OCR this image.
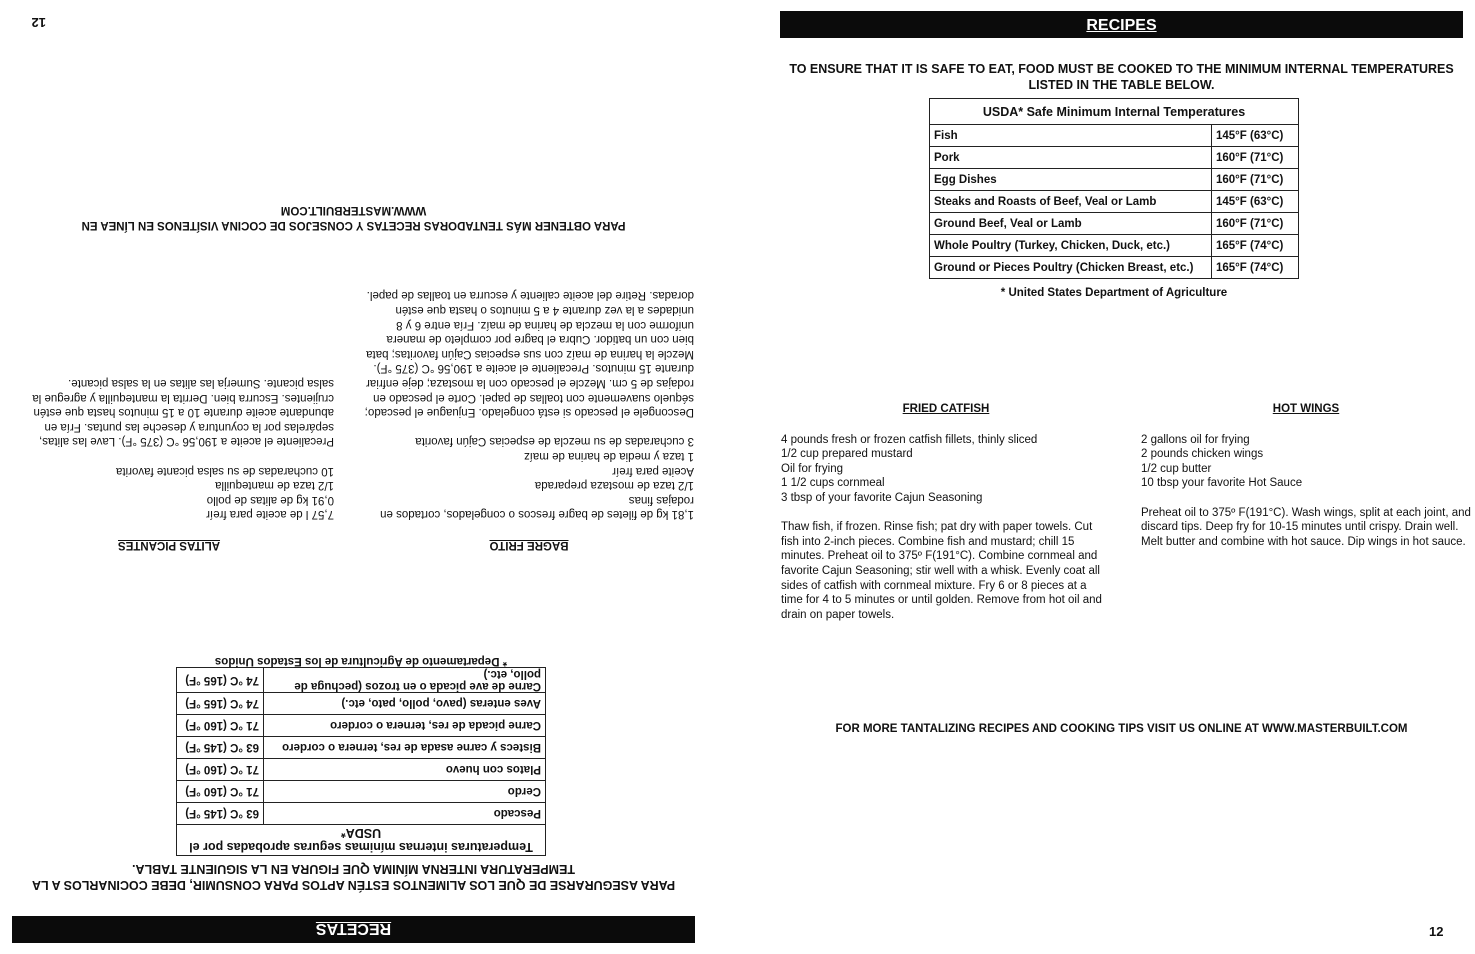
RECETAS
PARA ASEGURARSE DE QUE LOS ALIMENTOS ESTÉN APTOS PARA CONSUMIR, DEBE COCINARLOS A LA TEMPERATURA INTERNA MÍNIMA QUE FIGURA EN LA SIGUIENTE TABLA.
Temperaturas internas mínimas seguras aprobadas por el USDA*	
Pescado	63 °C (145 °F)
Cerdo	71 °C (160 °F)
Platos con huevo	71 °C (160 °F)
Bistecs y carne asada de res, ternera o cordero	63 °C (145 °F)
Carne picada de res, ternera o cordero	71 °C (160 °F)
Aves enteras (pavo, pollo, pato, etc.)	74 °C (165 °F)
Carne de ave picada o en trozos (pechuga de pollo, etc.)	74 °C (165 °F)
* Departamento de Agricultura de los Estados Unidos
BAGRE FRITO
1,81 kg de filetes de bagre frescos o congelados, cortados en rodajas finas
1/2 taza de mostaza preparada
Aceite para freír
1 taza y media de harina de maíz
3 cucharadas de su mezcla de especias Cajún favorita
Descongele el pescado si está congelado. Enjuague el pescado; séquelo suavemente con toallas de papel. Corte el pescado en rodajas de 5 cm. Mezcle el pescado con la mostaza; deje enfriar durante 15 minutos. Precaliente el aceite a 190,56 °C (375 °F). Mezcle la harina de maíz con sus especias Cajún favoritas; bata bien con un batidor. Cubra el bagre por completo de manera uniforme con la mezcla de harina de maíz. Fría entre 6 y 8 unidades a la vez durante 4 a 5 minutos o hasta que estén doradas. Retire del aceite caliente y escurra en toallas de papel.
ALITAS PICANTES
7,57 l de aceite para freír
0,91 kg de alitas de pollo
1/2 taza de mantequilla
10 cucharadas de su salsa picante favorita
Precaliente el aceite a 190,56 °C (375 °F). Lave las alitas, sepárelas por la coyuntura y deseche las puntas. Fría en abundante aceite durante 10 a 15 minutos hasta que estén crujientes. Escurra bien. Derrita la mantequilla y agregue la salsa picante. Sumerja las alitas en la salsa picante.
PARA OBTENER MÁS TENTADORAS RECETAS Y CONSEJOS DE COCINA VISÍTENOS EN LÍNEA EN WWW.MASTERBUILT.COM
12	RECIPES
TO ENSURE THAT IT IS SAFE TO EAT, FOOD MUST BE COOKED TO THE MINIMUM INTERNAL TEMPERATURES LISTED IN THE TABLE BELOW.
USDA* Safe Minimum Internal Temperatures	
Fish	145°F (63°C)
Pork	160°F (71°C)
Egg Dishes	160°F (71°C)
Steaks and Roasts of Beef, Veal or Lamb	145°F (63°C)
Ground Beef, Veal or Lamb	160°F (71°C)
Whole Poultry (Turkey, Chicken, Duck, etc.)	165°F (74°C)
Ground or Pieces Poultry (Chicken Breast, etc.)	165°F (74°C)
* United States Department of Agriculture
FRIED CATFISH
4 pounds fresh or frozen catfish fillets, thinly sliced
1/2 cup prepared mustard
Oil for frying
1 1/2 cups cornmeal
3 tbsp of your favorite Cajun Seasoning
Thaw fish, if frozen. Rinse fish; pat dry with paper towels. Cut fish into 2-inch pieces. Combine fish and mustard; chill 15 minutes. Preheat oil to 375º F(191°C). Combine cornmeal and favorite Cajun Seasoning; stir well with a whisk. Evenly coat all sides of catfish with cornmeal mixture. Fry 6 or 8 pieces at a time for 4 to 5 minutes or until golden. Remove from hot oil and drain on paper towels.
HOT WINGS
2 gallons oil for frying
2 pounds chicken wings
1/2 cup butter
10 tbsp your favorite Hot Sauce
Preheat oil to 375º F(191°C). Wash wings, split at each joint, and discard tips. Deep fry for 10-15 minutes until crispy. Drain well. Melt butter and combine with hot sauce. Dip wings in hot sauce.
FOR MORE TANTALIZING RECIPES AND COOKING TIPS VISIT US ONLINE AT WWW.MASTERBUILT.COM
12
